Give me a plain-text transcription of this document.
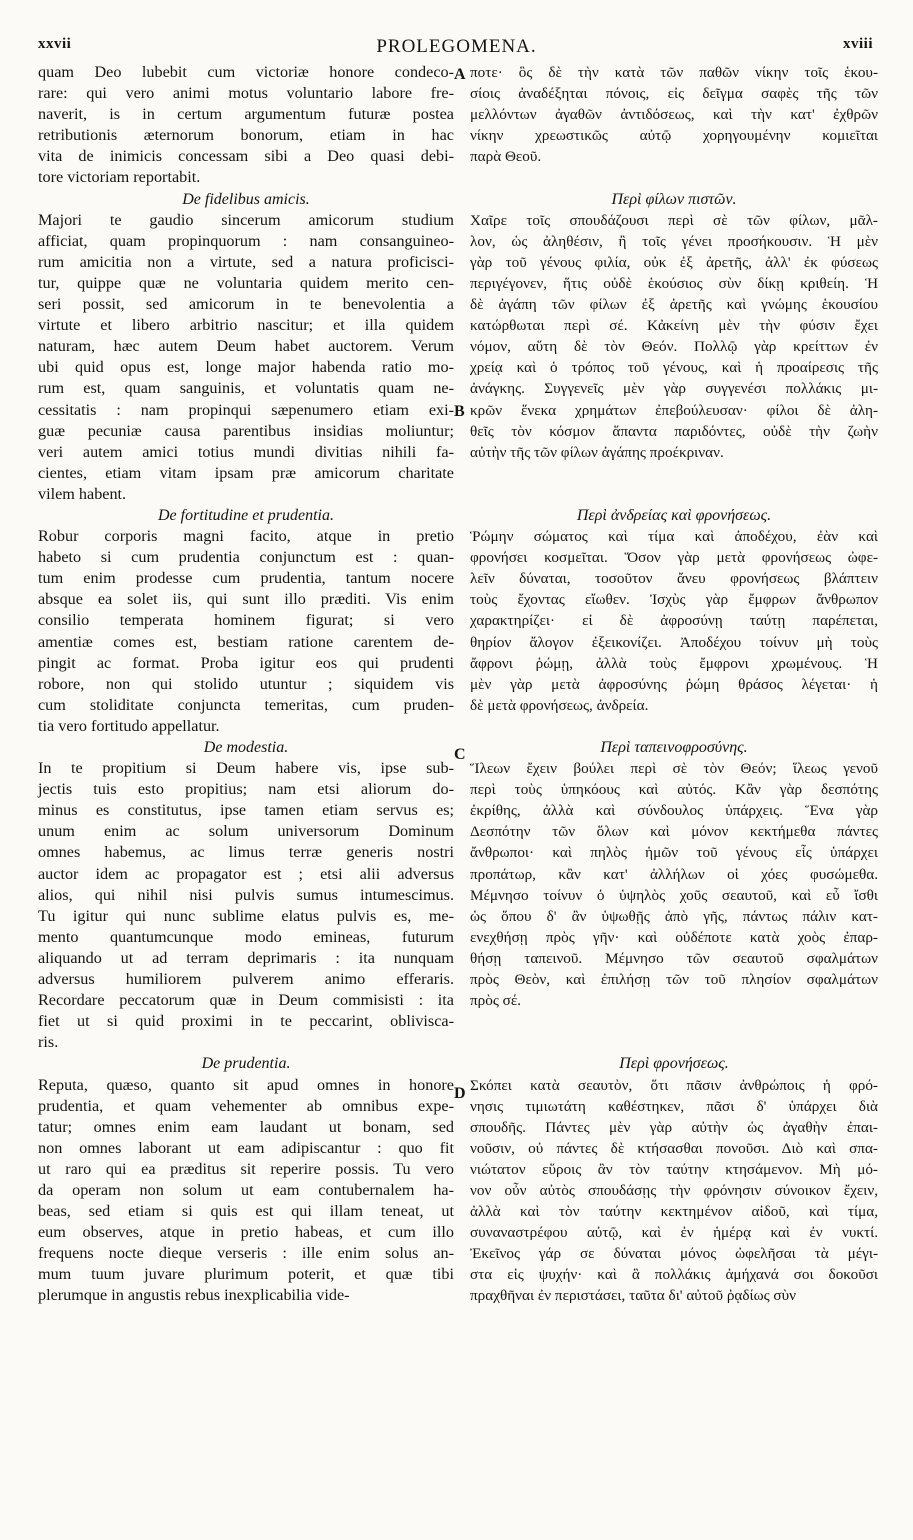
PROLEGOMENA.
xxvii	xviii
A
B
C
D
quam Deo lubebit cum victoriæ honore condeco-
rare: qui vero animi motus voluntario labore fre-
naverit, is in certum argumentum futuræ postea
retributionis æternorum bonorum, etiam in hac
vita de inimicis concessam sibi a Deo quasi debi-
tore victoriam reportabit.
De fidelibus amicis.
Majori te gaudio sincerum amicorum studium
afficiat, quam propinquorum : nam consanguineo-
rum amicitia non a virtute, sed a natura proficisci-
tur, quippe quæ ne voluntaria quidem merito cen-
seri possit, sed amicorum in te benevolentia a
virtute et libero arbitrio nascitur; et illa quidem
naturam, hæc autem Deum habet auctorem. Verum
ubi quid opus est, longe major habenda ratio mo-
rum est, quam sanguinis, et voluntatis quam ne-
cessitatis : nam propinqui sæpenumero etiam exi-
guæ pecuniæ causa parentibus insidias moliuntur;
veri autem amici totius mundi divitias nihili fa-
cientes, etiam vitam ipsam præ amicorum charitate
vilem habent.
De fortitudine et prudentia.
Robur corporis magni facito, atque in pretio
habeto si cum prudentia conjunctum est : quan-
tum enim prodesse cum prudentia, tantum nocere
absque ea solet iis, qui sunt illo præditi. Vis enim
consilio temperata hominem figurat; si vero
amentiæ comes est, bestiam ratione carentem de-
pingit ac format. Proba igitur eos qui prudenti
robore, non qui stolido utuntur ; siquidem vis
cum stoliditate conjuncta temeritas, cum pruden-
tia vero fortitudo appellatur.
De modestia.
In te propitium si Deum habere vis, ipse sub-
jectis tuis esto propitius; nam etsi aliorum do-
minus es constitutus, ipse tamen etiam servus es;
unum enim ac solum universorum Dominum
omnes habemus, ac limus terræ generis nostri
auctor idem ac propagator est ; etsi alii adversus
alios, qui nihil nisi pulvis sumus intumescimus.
Tu igitur qui nunc sublime elatus pulvis es, me-
mento quantumcunque modo emineas, futurum
aliquando ut ad terram deprimaris : ita nunquam
adversus humiliorem pulverem animo efferaris.
Recordare peccatorum quæ in Deum commisisti : ita
fiet ut si quid proximi in te peccarint, oblivisca-
ris.
De prudentia.
Reputa, quæso, quanto sit apud omnes in honore
prudentia, et quam vehementer ab omnibus expe-
tatur; omnes enim eam laudant ut bonam, sed
non omnes laborant ut eam adipiscantur : quo fit
ut raro qui ea præditus sit reperire possis. Tu vero
da operam non solum ut eam contubernalem ha-
beas, sed etiam si quis est qui illam teneat, ut
eum observes, atque in pretio habeas, et cum illo
frequens nocte dieque verseris : ille enim solus an-
mum tuum juvare plurimum poterit, et quæ tibi
plerumque in angustis rebus inexplicabilia vide-
ποτε· ὃς δὲ τὴν κατὰ τῶν παθῶν νίκην τοῖς ἑκου-
σίοις ἀναδέξηται πόνοις, εἰς δεῖγμα σαφὲς τῆς τῶν
μελλόντων ἀγαθῶν ἀντιδόσεως, καὶ τὴν κατ' ἐχθρῶν
νίκην χρεωστικῶς αὐτῷ χορηγουμένην κομιεῖται
παρὰ Θεοῦ.
Περὶ φίλων πιστῶν.
Χαῖρε τοῖς σπουδάζουσι περὶ σὲ τῶν φίλων, μᾶλ-
λον, ὡς ἀληθέσιν, ἢ τοῖς γένει προσήκουσιν. Ἡ μὲν
γὰρ τοῦ γένους φιλία, οὐκ ἐξ ἀρετῆς, ἀλλ' ἐκ φύσεως
περιγέγονεν, ἥτις οὐδὲ ἑκούσιος σὺν δίκῃ κριθείη. Ἡ
δὲ ἀγάπη τῶν φίλων ἐξ ἀρετῆς καὶ γνώμης ἑκουσίου
κατώρθωται περὶ σέ. Κἀκείνη μὲν τὴν φύσιν ἔχει
νόμον, αὕτη δὲ τὸν Θεόν. Πολλῷ γὰρ κρείττων ἐν
χρείᾳ καὶ ὁ τρόπος τοῦ γένους, καὶ ἡ προαίρεσις τῆς
ἀνάγκης. Συγγενεῖς μὲν γὰρ συγγενέσι πολλάκις μι-
κρῶν ἕνεκα χρημάτων ἐπεβούλευσαν· φίλοι δὲ ἀλη-
θεῖς τὸν κόσμον ἅπαντα παριδόντες, οὐδὲ τὴν ζωὴν
αὐτὴν τῆς τῶν φίλων ἀγάπης προέκριναν.
Περὶ ἀνδρείας καὶ φρονήσεως.
Ῥώμην σώματος καὶ τίμα καὶ ἀποδέχου, ἐὰν καὶ
φρονήσει κοσμεῖται. Ὅσον γὰρ μετὰ φρονήσεως ὠφε-
λεῖν δύναται, τοσοῦτον ἄνευ φρονήσεως βλάπτειν
τοὺς ἔχοντας εἴωθεν. Ἰσχὺς γὰρ ἔμφρων ἄνθρωπον
χαρακτηρίζει· εἰ δὲ ἀφροσύνῃ ταύτῃ παρέπεται,
θηρίον ἄλογον ἐξεικονίζει. Ἀποδέχου τοίνυν μὴ τοὺς
ἄφρονι ῥώμῃ, ἀλλὰ τοὺς ἔμφρονι χρωμένους. Ἡ
μὲν γὰρ μετὰ ἀφροσύνης ῥώμη θράσος λέγεται· ἡ
δὲ μετὰ φρονήσεως, ἀνδρεία.
Περὶ ταπεινοφροσύνης.
Ἵλεων ἔχειν βούλει περὶ σὲ τὸν Θεόν; ἵλεως γενοῦ
περὶ τοὺς ὑπηκόους καὶ αὐτός. Κἂν γὰρ δεσπότης
ἐκρίθης, ἀλλὰ καὶ σύνδουλος ὑπάρχεις. Ἕνα γὰρ
Δεσπότην τῶν ὅλων καὶ μόνον κεκτήμεθα πάντες
ἄνθρωποι· καὶ πηλὸς ἡμῶν τοῦ γένους εἷς ὑπάρχει
προπάτωρ, κἂν κατ' ἀλλήλων οἱ χόες φυσώμεθα.
Μέμνησο τοίνυν ὁ ὑψηλὸς χοῦς σεαυτοῦ, καὶ εὖ ἴσθι
ὡς ὅπου δ' ἂν ὑψωθῇς ἀπὸ γῆς, πάντως πάλιν κατ-
ενεχθήσῃ πρὸς γῆν· καὶ οὐδέποτε κατὰ χοὸς ἐπαρ-
θήσῃ ταπεινοῦ. Μέμνησο τῶν σεαυτοῦ σφαλμάτων
πρὸς Θεὸν, καὶ ἐπιλήσῃ τῶν τοῦ πλησίον σφαλμάτων
πρὸς σέ.
Περὶ φρονήσεως.
Σκόπει κατὰ σεαυτὸν, ὅτι πᾶσιν ἀνθρώποις ἡ φρό-
νησις τιμιωτάτη καθέστηκεν, πᾶσι δ' ὑπάρχει διὰ
σπουδῆς. Πάντες μὲν γὰρ αὐτὴν ὡς ἀγαθὴν ἐπαι-
νοῦσιν, οὐ πάντες δὲ κτήσασθαι πονοῦσι. Διὸ καὶ σπα-
νιώτατον εὕροις ἂν τὸν ταύτην κτησάμενον. Μὴ μό-
νον οὖν αὐτὸς σπουδάσῃς τὴν φρόνησιν σύνοικον ἔχειν,
ἀλλὰ καὶ τὸν ταύτην κεκτημένον αἰδοῦ, καὶ τίμα,
συναναστρέφου αὐτῷ, καὶ ἐν ἡμέρᾳ καὶ ἐν νυκτί.
Ἐκεῖνος γάρ σε δύναται μόνος ὠφελῆσαι τὰ μέγι-
στα εἰς ψυχήν· καὶ ἃ πολλάκις ἀμήχανά σοι δοκοῦσι
πραχθῆναι ἐν περιστάσει, ταῦτα δι' αὐτοῦ ῥᾳδίως σὺν
